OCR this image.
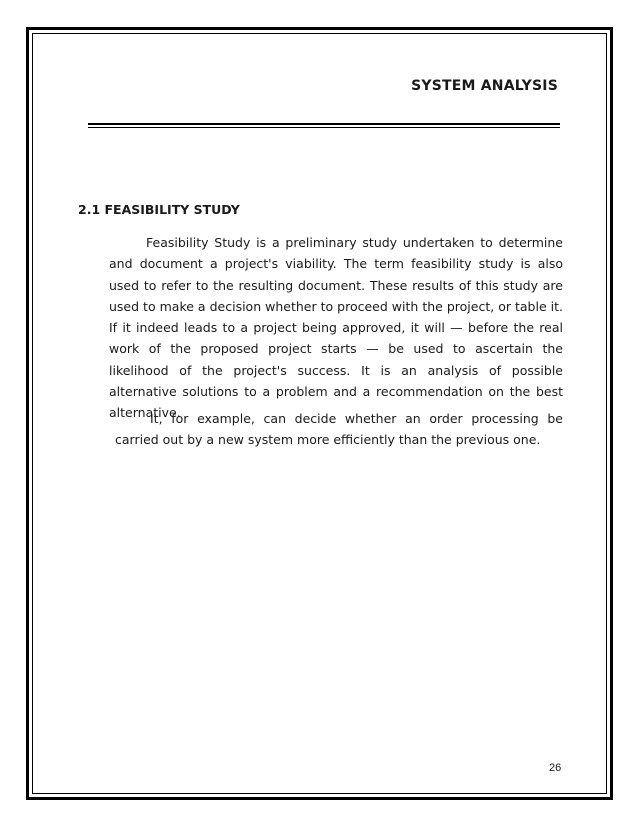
SYSTEM ANALYSIS
2.1 FEASIBILITY STUDY

Feasibility Study is a preliminary study undertaken to determine and document a project's viability. The term feasibility study is also used to refer to the resulting document. These results of this study are used to make a decision whether to proceed with the project, or table it. If it indeed leads to a project being approved, it will — before the real work of the proposed project starts — be used to ascertain the likelihood of the project's success. It is an analysis of possible alternative solutions to a problem and a recommendation on the best alternative.

It, for example, can decide whether an order processing be carried out by a new system more efficiently than the previous one.

26
